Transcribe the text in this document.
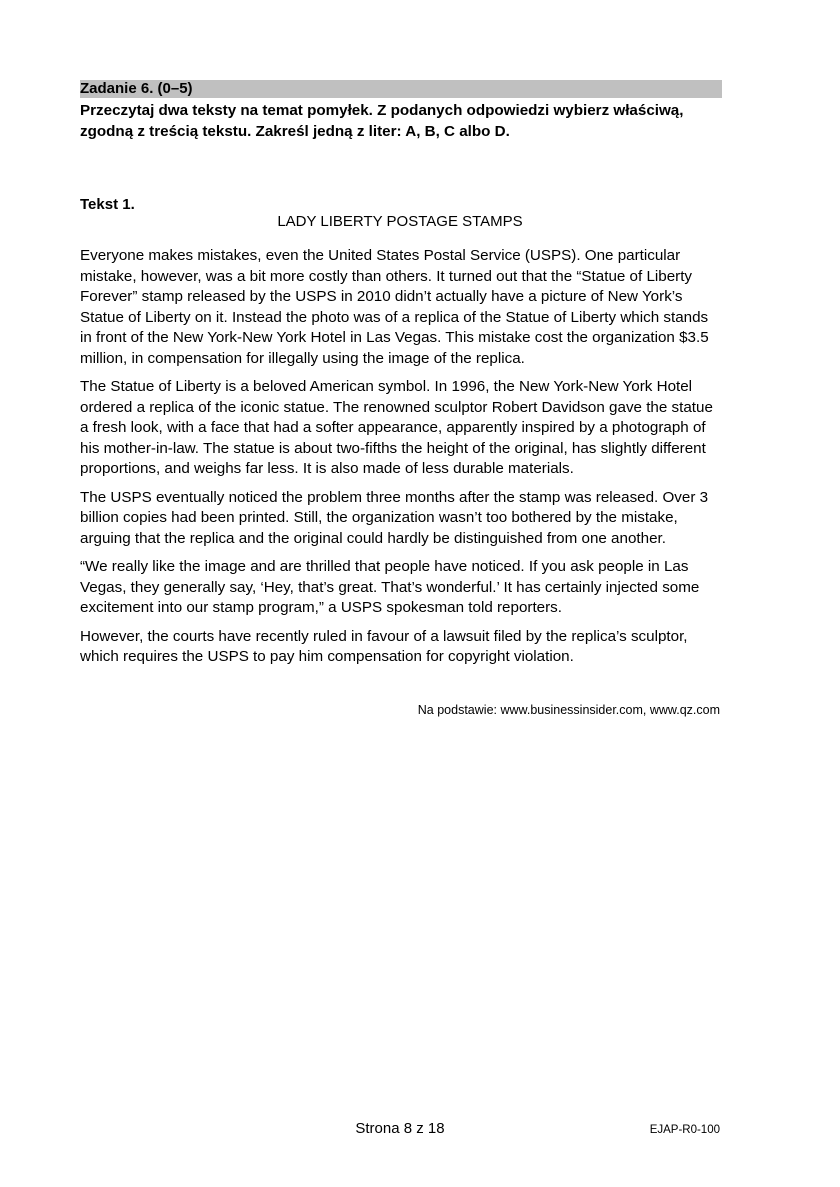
Zadanie 6. (0–5)
Przeczytaj dwa teksty na temat pomyłek. Z podanych odpowiedzi wybierz właściwą, zgodną z treścią tekstu. Zakreśl jedną z liter: A, B, C albo D.
Tekst 1.
LADY LIBERTY POSTAGE STAMPS

Everyone makes mistakes, even the United States Postal Service (USPS). One particular mistake, however, was a bit more costly than others. It turned out that the “Statue of Liberty Forever” stamp released by the USPS in 2010 didn’t actually have a picture of New York’s Statue of Liberty on it. Instead the photo was of a replica of the Statue of Liberty which stands in front of the New York-New York Hotel in Las Vegas. This mistake cost the organization $3.5 million, in compensation for illegally using the image of the replica.

The Statue of Liberty is a beloved American symbol. In 1996, the New York-New York Hotel ordered a replica of the iconic statue. The renowned sculptor Robert Davidson gave the statue a fresh look, with a face that had a softer appearance, apparently inspired by a photograph of his mother-in-law. The statue is about two-fifths the height of the original, has slightly different proportions, and weighs far less. It is also made of less durable materials.

The USPS eventually noticed the problem three months after the stamp was released. Over 3 billion copies had been printed. Still, the organization wasn’t too bothered by the mistake, arguing that the replica and the original could hardly be distinguished from one another.

“We really like the image and are thrilled that people have noticed. If you ask people in Las Vegas, they generally say, ‘Hey, that’s great. That’s wonderful.’ It has certainly injected some excitement into our stamp program,” a USPS spokesman told reporters.

However, the courts have recently ruled in favour of a lawsuit filed by the replica’s sculptor, which requires the USPS to pay him compensation for copyright violation.

Na podstawie: www.businessinsider.com, www.qz.com
Strona 8 z 18	EJAP-R0-100
